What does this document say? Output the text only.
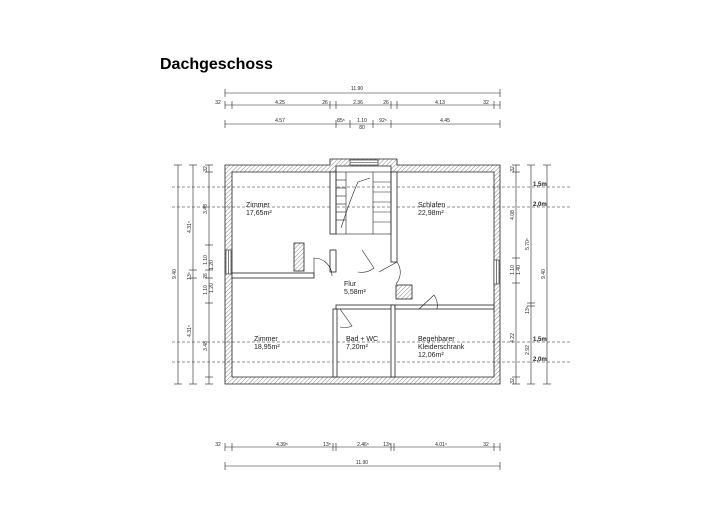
Dachgeschoss
11.90
32	4.25	26	2.36	26	4.13	32
4.57	85⁵ 1.10 92⁵	4.45
80
32	4.39⁵	13⁵	2.46⁵	13⁵	4.01⁵	32
11.90
9.40
4.31⁵
13⁵
4.31⁵
32
3.48
1.10
26
1.10
3.48
1.20
1.20
32
4.08
1.10
4.22
32
1.40
5.70⁵
13⁵
2.92
9.40
1,5m
2,0m
1,5m
2,0m
Zimmer
17,65m²
Schlafen
22,98m²
Flur
5,58m²
Zimmer
18,95m²
Bad + WC
7,20m²
Begehbarer
Kleiderschrank
12,06m²
